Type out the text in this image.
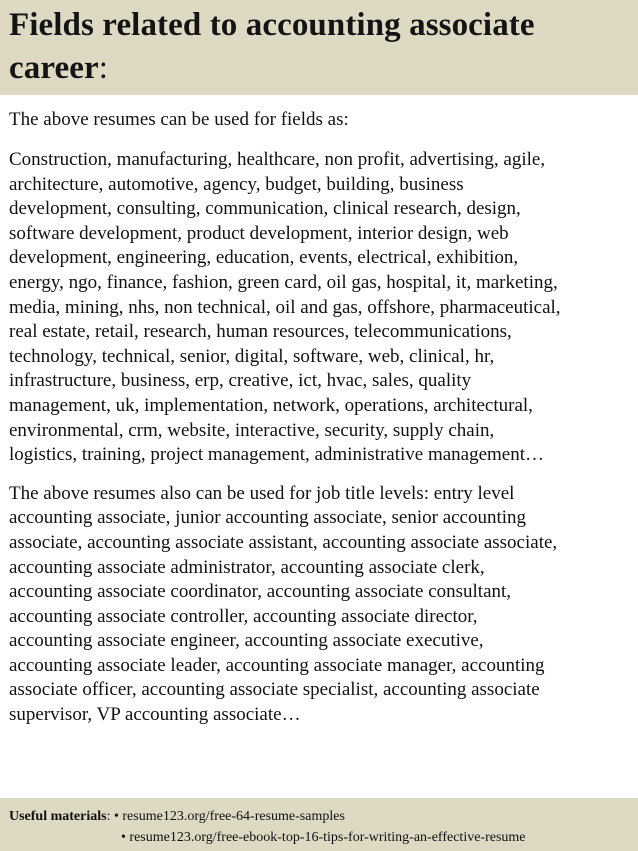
Fields related to accounting associate career:

The above resumes can be used for fields as:

Construction, manufacturing, healthcare, non profit, advertising, agile,
architecture, automotive, agency, budget, building, business
development, consulting, communication, clinical research, design,
software development, product development, interior design, web
development, engineering, education, events, electrical, exhibition,
energy, ngo, finance, fashion, green card, oil gas, hospital, it, marketing,
media, mining, nhs, non technical, oil and gas, offshore, pharmaceutical,
real estate, retail, research, human resources, telecommunications,
technology, technical, senior, digital, software, web, clinical, hr,
infrastructure, business, erp, creative, ict, hvac, sales, quality
management, uk, implementation, network, operations, architectural,
environmental, crm, website, interactive, security, supply chain,
logistics, training, project management, administrative management…

The above resumes also can be used for job title levels: entry level
accounting associate, junior accounting associate, senior accounting
associate, accounting associate assistant, accounting associate associate,
accounting associate administrator, accounting associate clerk,
accounting associate coordinator, accounting associate consultant,
accounting associate controller, accounting associate director,
accounting associate engineer, accounting associate executive,
accounting associate leader, accounting associate manager, accounting
associate officer, accounting associate specialist, accounting associate
supervisor, VP accounting associate…

Useful materials: • resume123.org/free-64-resume-samples
• resume123.org/free-ebook-top-16-tips-for-writing-an-effective-resume
